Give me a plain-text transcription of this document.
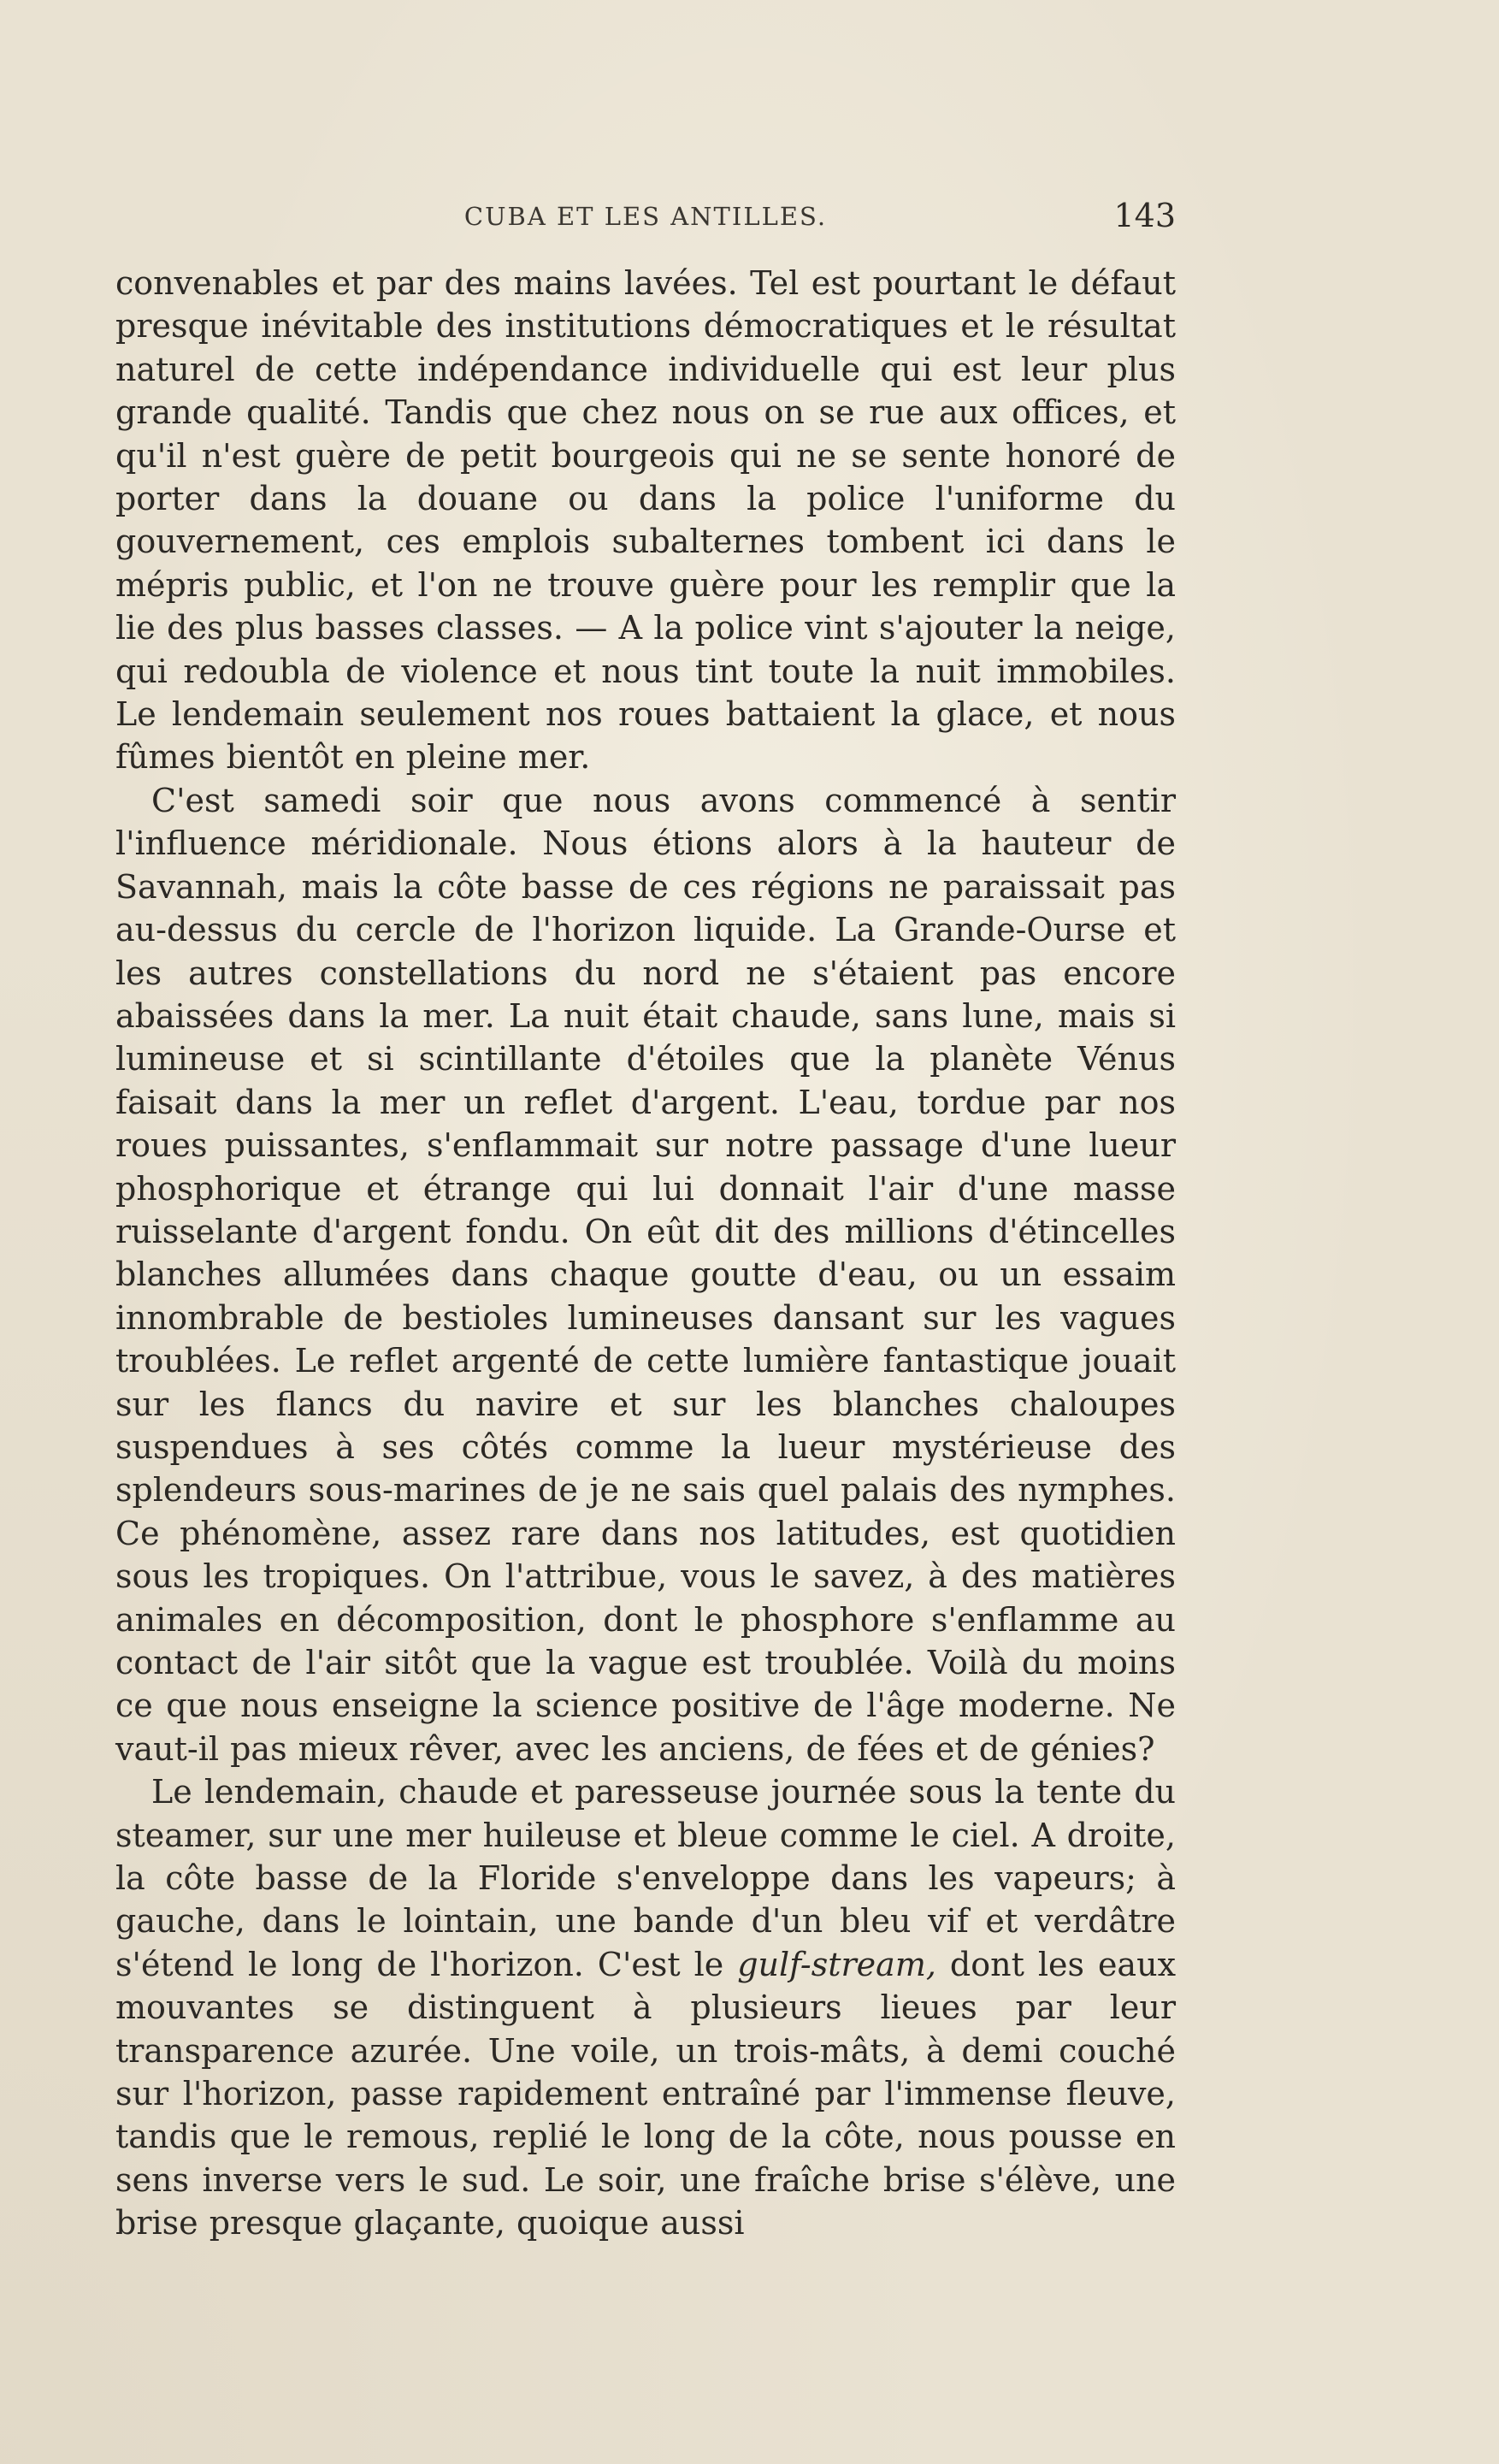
CUBA ET LES ANTILLES.	143

convenables et par des mains lavées. Tel est pourtant le défaut presque inévitable des institutions démocratiques et le résultat naturel de cette indépendance individuelle qui est leur plus grande qualité. Tandis que chez nous on se rue aux offices, et qu'il n'est guère de petit bourgeois qui ne se sente honoré de porter dans la douane ou dans la police l'uniforme du gouvernement, ces emplois subalternes tombent ici dans le mépris public, et l'on ne trouve guère pour les remplir que la lie des plus basses classes. — A la police vint s'ajouter la neige, qui redoubla de violence et nous tint toute la nuit immobiles. Le lendemain seulement nos roues battaient la glace, et nous fûmes bientôt en pleine mer.

C'est samedi soir que nous avons commencé à sentir l'influence méridionale. Nous étions alors à la hauteur de Savannah, mais la côte basse de ces régions ne paraissait pas au-dessus du cercle de l'horizon liquide. La Grande-Ourse et les autres constellations du nord ne s'étaient pas encore abaissées dans la mer. La nuit était chaude, sans lune, mais si lumineuse et si scintillante d'étoiles que la planète Vénus faisait dans la mer un reflet d'argent. L'eau, tordue par nos roues puissantes, s'enflammait sur notre passage d'une lueur phosphorique et étrange qui lui donnait l'air d'une masse ruisselante d'argent fondu. On eût dit des millions d'étincelles blanches allumées dans chaque goutte d'eau, ou un essaim innombrable de bestioles lumineuses dansant sur les vagues troublées. Le reflet argenté de cette lumière fantastique jouait sur les flancs du navire et sur les blanches chaloupes suspendues à ses côtés comme la lueur mystérieuse des splendeurs sous-marines de je ne sais quel palais des nymphes. Ce phénomène, assez rare dans nos latitudes, est quotidien sous les tropiques. On l'attribue, vous le savez, à des matières animales en décomposition, dont le phosphore s'enflamme au contact de l'air sitôt que la vague est troublée. Voilà du moins ce que nous enseigne la science positive de l'âge moderne. Ne vaut-il pas mieux rêver, avec les anciens, de fées et de génies?

Le lendemain, chaude et paresseuse journée sous la tente du steamer, sur une mer huileuse et bleue comme le ciel. A droite, la côte basse de la Floride s'enveloppe dans les vapeurs; à gauche, dans le lointain, une bande d'un bleu vif et verdâtre s'étend le long de l'horizon. C'est le gulf-stream, dont les eaux mouvantes se distinguent à plusieurs lieues par leur transparence azurée. Une voile, un trois-mâts, à demi couché sur l'horizon, passe rapidement entraîné par l'immense fleuve, tandis que le remous, replié le long de la côte, nous pousse en sens inverse vers le sud. Le soir, une fraîche brise s'élève, une brise presque glaçante, quoique aussi
